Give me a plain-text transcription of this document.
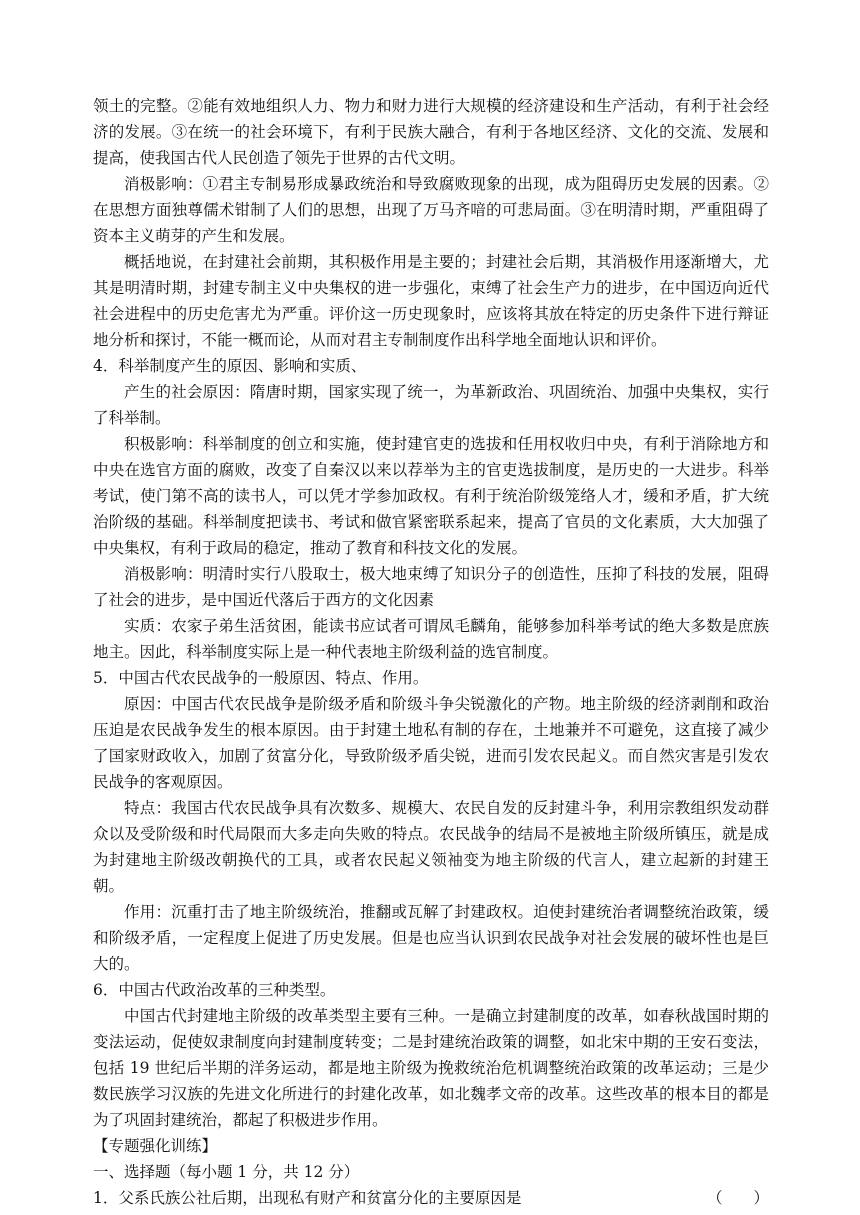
领土的完整。②能有效地组织人力、物力和财力进行大规模的经济建设和生产活动，有利于社会经济的发展。③在统一的社会环境下，有利于民族大融合，有利于各地区经济、文化的交流、发展和提高，使我国古代人民创造了领先于世界的古代文明。

消极影响：①君主专制易形成暴政统治和导致腐败现象的出现，成为阻碍历史发展的因素。②在思想方面独尊儒术钳制了人们的思想，出现了万马齐喑的可悲局面。③在明清时期，严重阻碍了资本主义萌芽的产生和发展。

概括地说，在封建社会前期，其积极作用是主要的；封建社会后期，其消极作用逐渐增大，尤其是明清时期，封建专制主义中央集权的进一步强化，束缚了社会生产力的进步，在中国迈向近代社会进程中的历史危害尤为严重。评价这一历史现象时，应该将其放在特定的历史条件下进行辩证地分析和探讨，不能一概而论，从而对君主专制制度作出科学地全面地认识和评价。

4．科举制度产生的原因、影响和实质、

产生的社会原因：隋唐时期，国家实现了统一，为革新政治、巩固统治、加强中央集权，实行了科举制。

积极影响：科举制度的创立和实施，使封建官吏的选拔和任用权收归中央，有利于消除地方和中央在选官方面的腐败，改变了自秦汉以来以荐举为主的官吏选拔制度，是历史的一大进步。科举考试，使门第不高的读书人，可以凭才学参加政权。有利于统治阶级笼络人才，缓和矛盾，扩大统治阶级的基础。科举制度把读书、考试和做官紧密联系起来，提高了官员的文化素质，大大加强了中央集权，有利于政局的稳定，推动了教育和科技文化的发展。

消极影响：明清时实行八股取士，极大地束缚了知识分子的创造性，压抑了科技的发展，阻碍了社会的进步，是中国近代落后于西方的文化因素

实质：农家子弟生活贫困，能读书应试者可谓凤毛麟角，能够参加科举考试的绝大多数是庶族地主。因此，科举制度实际上是一种代表地主阶级利益的选官制度。

5．中国古代农民战争的一般原因、特点、作用。

原因：中国古代农民战争是阶级矛盾和阶级斗争尖锐激化的产物。地主阶级的经济剥削和政治压迫是农民战争发生的根本原因。由于封建土地私有制的存在，土地兼并不可避免，这直接了减少了国家财政收入，加剧了贫富分化，导致阶级矛盾尖锐，进而引发农民起义。而自然灾害是引发农民战争的客观原因。

特点：我国古代农民战争具有次数多、规模大、农民自发的反封建斗争，利用宗教组织发动群众以及受阶级和时代局限而大多走向失败的特点。农民战争的结局不是被地主阶级所镇压，就是成为封建地主阶级改朝换代的工具，或者农民起义领袖变为地主阶级的代言人，建立起新的封建王朝。

作用：沉重打击了地主阶级统治，推翻或瓦解了封建政权。迫使封建统治者调整统治政策，缓和阶级矛盾，一定程度上促进了历史发展。但是也应当认识到农民战争对社会发展的破坏性也是巨大的。

6．中国古代政治改革的三种类型。

中国古代封建地主阶级的改革类型主要有三种。一是确立封建制度的改革，如春秋战国时期的变法运动，促使奴隶制度向封建制度转变；二是封建统治政策的调整，如北宋中期的王安石变法，包括 19 世纪后半期的洋务运动，都是地主阶级为挽救统治危机调整统治政策的改革运动；三是少数民族学习汉族的先进文化所进行的封建化改革，如北魏孝文帝的改革。这些改革的根本目的都是为了巩固封建统治，都起了积极进步作用。

【专题强化训练】

一、选择题（每小题 1 分，共 12 分）

1．父系氏族公社后期，出现私有财产和贫富分化的主要原因是	（　　）
